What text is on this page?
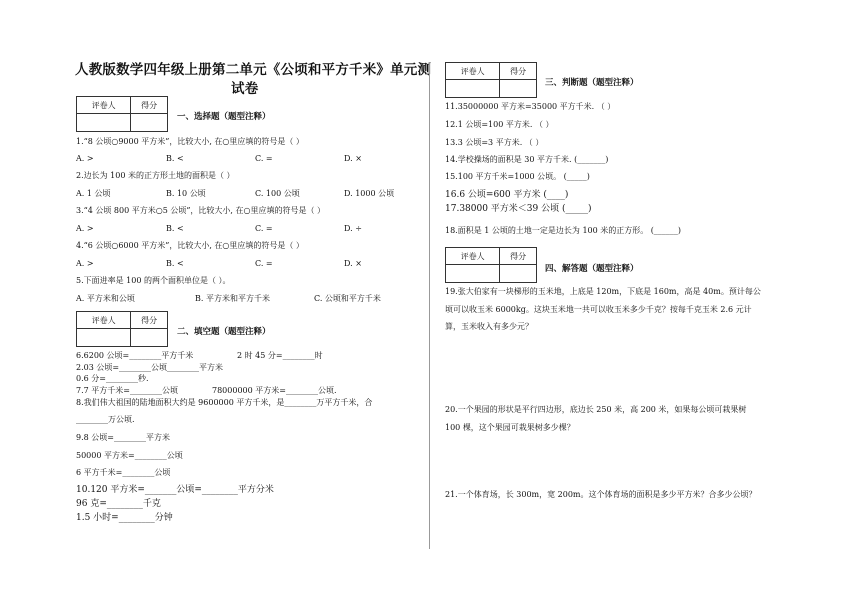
人教版数学四年级上册第二单元《公顷和平方千米》单元测
试卷
评卷人	得分

一、选择题（题型注释）
1.“8 公顷○9000 平方米”，比较大小, 在○里应填的符号是（ ）
A. >	B. <	C. =	D. ×
2.边长为 100 米的正方形土地的面积是（ ）
A. 1 公顷	B. 10 公顷	C. 100 公顷	D. 1000 公顷
3.“4 公顷 800 平方米○5 公顷”，比较大小, 在○里应填的符号是（ ）
A. >	B. <	C. =	D. ÷
4.“6 公顷○6000 平方米”，比较大小, 在○里应填的符号是（ ）
A. >	B. <	C. =	D. ×
5.下面进率是 100 的两个面积单位是（ ）。
A. 平方米和公顷	B. 平方米和平方千米	C. 公顷和平方千米
评卷人	得分

二、填空题（题型注释）
6.6200 公顷=________平方千米	2 时 45 分=________时
2.03 公顷=________公顷________平方米
0.6 分=________秒.
7.7 平方千米=________公顷	78000000 平方米=________公顷.
8.我们伟大祖国的陆地面积大约是 9600000 平方千米，是________万平方千米，合
________万公顷.
9.8 公顷=________平方米
50000 平方米=________公顷
6 平方千米=________公顷
10.120 平方米=_______公顷=________平方分米
96 克=________千克
1.5 小时=________分钟
评卷人	得分

三、判断题（题型注释）
11.35000000 平方米=35000 平方千米. （ ）
12.1 公顷=100 平方米. （ ）
13.3 公顷=3 平方米. （ ）
14.学校操场的面积是 30 平方千米. (_______)
15.100 平方千米=1000 公顷。 (_____)
16.6 公顷=600 平方米 (____)
17.38000 平方米＜39 公顷 (_____)
18.面积是 1 公顷的土地一定是边长为 100 米的正方形。 (______)
评卷人	得分

四、解答题（题型注释）
19.张大伯家有一块梯形的玉米地，上底是 120m，下底是 160m，高是 40m。预计每公
顷可以收玉米 6000kg。这块玉米地一共可以收玉米多少千克？按每千克玉米 2.6 元计
算，玉米收入有多少元？
20.一个果园的形状是平行四边形，底边长 250 米，高 200 米，如果每公顷可栽果树
100 棵，这个果园可栽果树多少棵？
21.一个体育场，长 300m，宽 200m。这个体育场的面积是多少平方米？合多少公顷？
